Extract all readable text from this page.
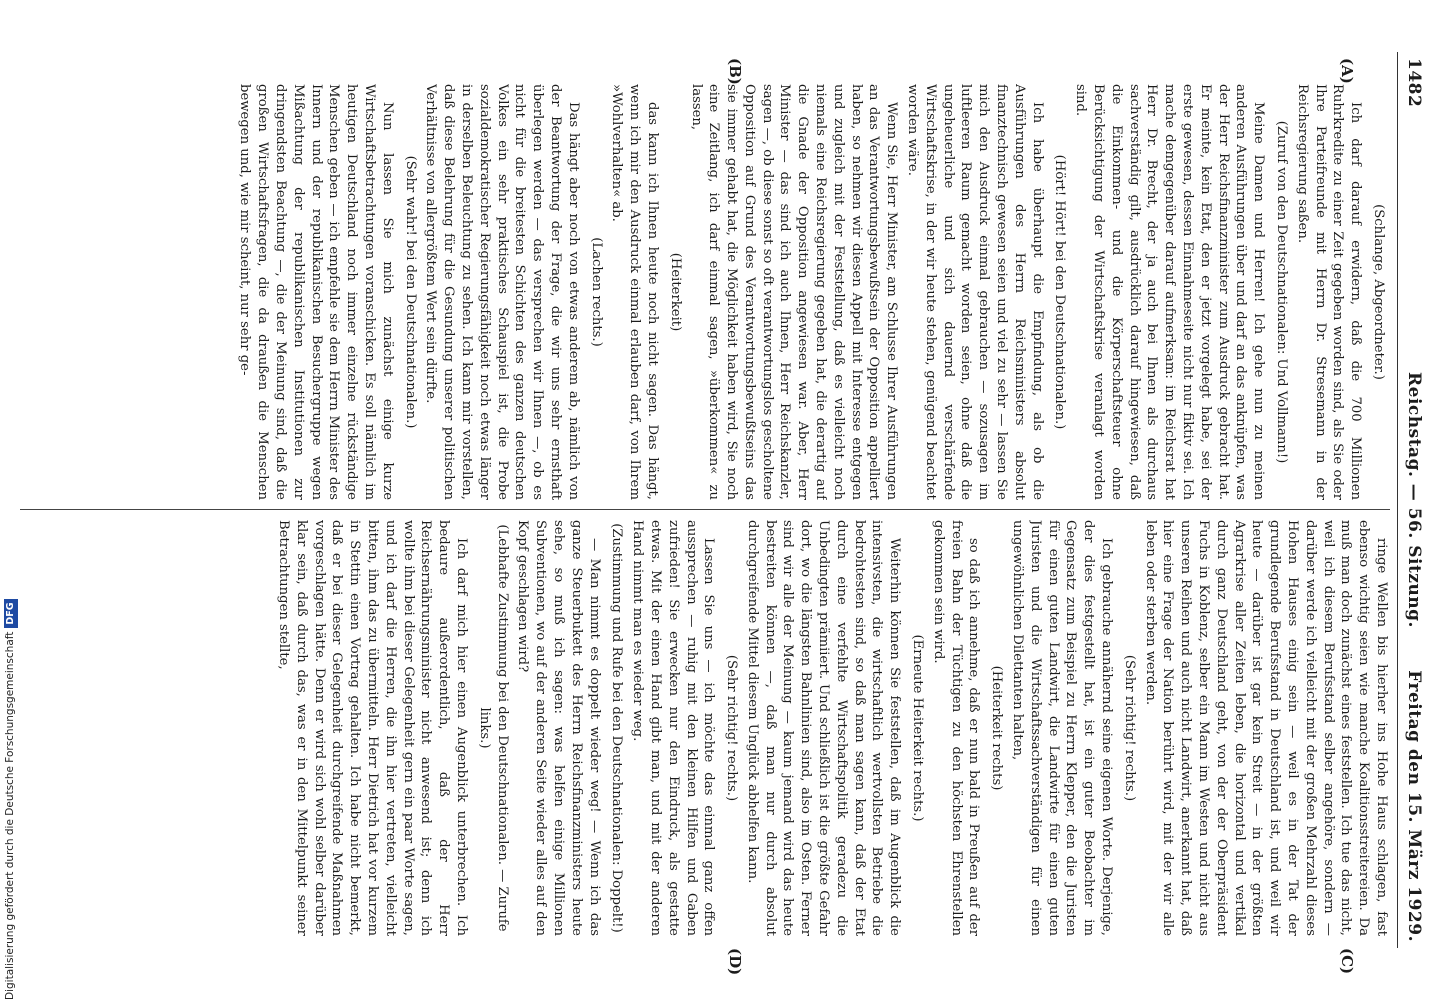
1482
Reichstag. — 56. Sitzung.
Freitag den 15. März 1929.
(A)
(B)
(C)
(D)

(Schlange, Abgeordneter.)

Ich darf darauf erwidern, daß die 700 Millionen Ruhrkredite zu einer Zeit gegeben worden sind, als Sie oder Ihre Parteifreunde mit Herrn Dr. Stresemann in der Reichsregierung saßen.

(Zuruf von den Deutschnationalen: Und Vollmann!)

Meine Damen und Herren! Ich gehe nun zu meinen anderen Ausführungen über und darf an das anknüpfen, was der Herr Reichsfinanzminister zum Ausdruck gebracht hat. Er meinte, kein Etat, den er jetzt vorgelegt habe, sei der erste gewesen, dessen Einnahmeseite nicht nur fiktiv sei. Ich mache demgegenüber darauf aufmerksam: im Reichsrat hat Herr Dr. Brecht, der ja auch bei Ihnen als durchaus sachverständig gilt, ausdrücklich darauf hingewiesen, daß die Einkommen- und die Körperschaftsteuer ohne Berücksichtigung der Wirtschaftskrise veranlagt worden sind.

(Hört! Hört! bei den Deutschnationalen.)

Ich habe überhaupt die Empfindung, als ob die Ausführungen des Herrn Reichsministers absolut finanztechnisch gewesen seien und viel zu sehr — lassen Sie mich den Ausdruck einmal gebrauchen — sozusagen im luftleeren Raum gemacht worden seien, ohne daß die ungeheuerliche und sich dauernd verschärfende Wirtschaftskrise, in der wir heute stehen, genügend beachtet worden wäre.

Wenn Sie, Herr Minister, am Schlusse Ihrer Ausführungen an das Verantwortungsbewußtsein der Opposition appelliert haben, so nehmen wir diesen Appell mit Interesse entgegen und zugleich mit der Feststellung, daß es vielleicht noch niemals eine Reichsregierung gegeben hat, die derartig auf die Gnade der Opposition angewiesen war. Aber, Herr Minister — das sind ich auch Ihnen, Herr Reichskanzler, sagen —, ob diese sonst so oft verantwortungslos gescholtene Opposition auf Grund des Verantwortungsbewußtseins das sie immer gehabt hat, die Möglichkeit haben wird, Sie noch eine Zeitlang, ich darf einmal sagen, »überkommen« zu lassen,

(Heiterkeit)

das kann ich Ihnen heute noch nicht sagen. Das hängt, wenn ich mir den Ausdruck einmal erlauben darf, von Ihrem »Wohlverhalten« ab.

(Lachen rechts.)

Das hängt aber noch von etwas anderem ab, nämlich von der Beantwortung der Frage, die wir uns sehr ernsthaft überlegen werden — das versprechen wir Ihnen —, ob es nicht für die breitesten Schichten des ganzen deutschen Volkes ein sehr praktisches Schauspiel ist, die Probe sozialdemokratischer Regierungsfähigkeit noch etwas länger in derselben Beleuchtung zu sehen. Ich kann mir vorstellen, daß diese Belehrung für die Gesundung unserer politischen Verhältnisse von allergrößtem Wert sein dürfte.

(Sehr wahr! bei den Deutschnationalen.)

Nun lassen Sie mich zunächst einige kurze Wirtschaftsbetrachtungen voranschicken. Es soll nämlich im heutigen Deutschland noch immer einzelne rückständige Menschen geben — ich empfehle sie dem Herrn Minister des Innern und der republikanischen Besuchergruppe wegen Mißachtung der republikanischen Institutionen zur dringendsten Beachtung —, die der Meinung sind, daß die großen Wirtschaftsfragen, die da draußen die Menschen bewegen und, wie mir scheint, nur sehr ge-

ringe Wellen bis hierher ins Hohe Haus schlagen, fast ebenso wichtig seien wie manche Koalitionsstreitereien. Da muß man doch zunächst eines feststellen. Ich tue das nicht, weil ich diesem Berufsstand selber angehöre, sondern — darüber werde ich vielleicht mit der großen Mehrzahl dieses Hohen Hauses einig sein — weil es in der Tat der grundlegende Berufsstand in Deutschland ist, und weil wir heute — darüber ist gar kein Streit — in der größten Agrarkrise aller Zeiten leben, die horizontal und vertikal durch ganz Deutschland geht, von der der Oberpräsident Fuchs in Koblenz, selber ein Mann im Westen und nicht aus unseren Reihen und auch nicht Landwirt, anerkannt hat, daß hier eine Frage der Nation berührt wird, mit der wir alle leben oder sterben werden.

(Sehr richtig! rechts.)

Ich gebrauche annähernd seine eigenen Worte. Derjenige, der dies festgestellt hat, ist ein guter Beobachter im Gegensatz zum Beispiel zu Herrn Klepper, den die Juristen für einen guten Landwirt, die Landwirte für einen guten Juristen und die Wirtschaftssachverständigen für einen ungewöhnlichen Dilettanten halten,

(Heiterkeit rechts)

so daß ich annehme, daß er nun bald in Preußen auf der freien Bahn der Tüchtigen zu den höchsten Ehrenstellen gekommen sein wird.

(Erneute Heiterkeit rechts.)

Weiterhin können Sie feststellen, daß im Augenblick die intensivsten, die wirtschaftlich wertvollsten Betriebe die bedrohtesten sind, so daß man sagen kann, daß der Etat durch eine verfehlte Wirtschaftspolitik geradezu die Unbedingten prämiiert. Und schließlich ist die größte Gefahr dort, wo die längsten Bahnlinien sind, also im Osten. Ferner sind wir alle der Meinung — kaum jemand wird das heute bestreiten können —, daß man nur durch absolut durchgreifende Mittel diesem Unglück abhelfen kann.

(Sehr richtig! rechts.)

Lassen Sie uns — ich möchte das einmal ganz offen aussprechen — ruhig mit den kleinen Hilfen und Gaben zufrieden! Sie erwecken nur den Eindruck, als gestatte etwas. Mit der einen Hand gibt man, und mit der anderen Hand nimmt man es wieder weg.

(Zustimmung und Rufe bei den Deutschnationalen: Doppelt!)

— Man nimmt es doppelt wieder weg! — Wenn ich das ganze Steuerbukett des Herrn Reichsfinanzministers heute sehe, so muß ich sagen: was helfen einige Millionen Subventionen, wo auf der anderen Seite wieder alles auf den Kopf geschlagen wird?

(Lebhafte Zustimmung bei den Deutschnationalen. — Zurufe links.)

Ich darf mich hier einen Augenblick unterbrechen. Ich bedaure außerordentlich, daß der Herr Reichsernährungsminister nicht anwesend ist; denn ich wollte ihm bei dieser Gelegenheit gern ein paar Worte sagen, und ich darf die Herren, die ihn hier vertreten, vielleicht bitten, ihm das zu übermitteln. Herr Dietrich hat vor kurzem in Stettin einen Vortrag gehalten. Ich habe nicht bemerkt, daß er bei dieser Gelegenheit durchgreifende Maßnahmen vorgeschlagen hätte. Denn er wird sich wohl selber darüber klar sein, daß durch das, was er in den Mittelpunkt seiner Betrachtungen stellte,

Digitalisierung gefördert durch die Deutsche ForschungsgemeinschaftDFG
